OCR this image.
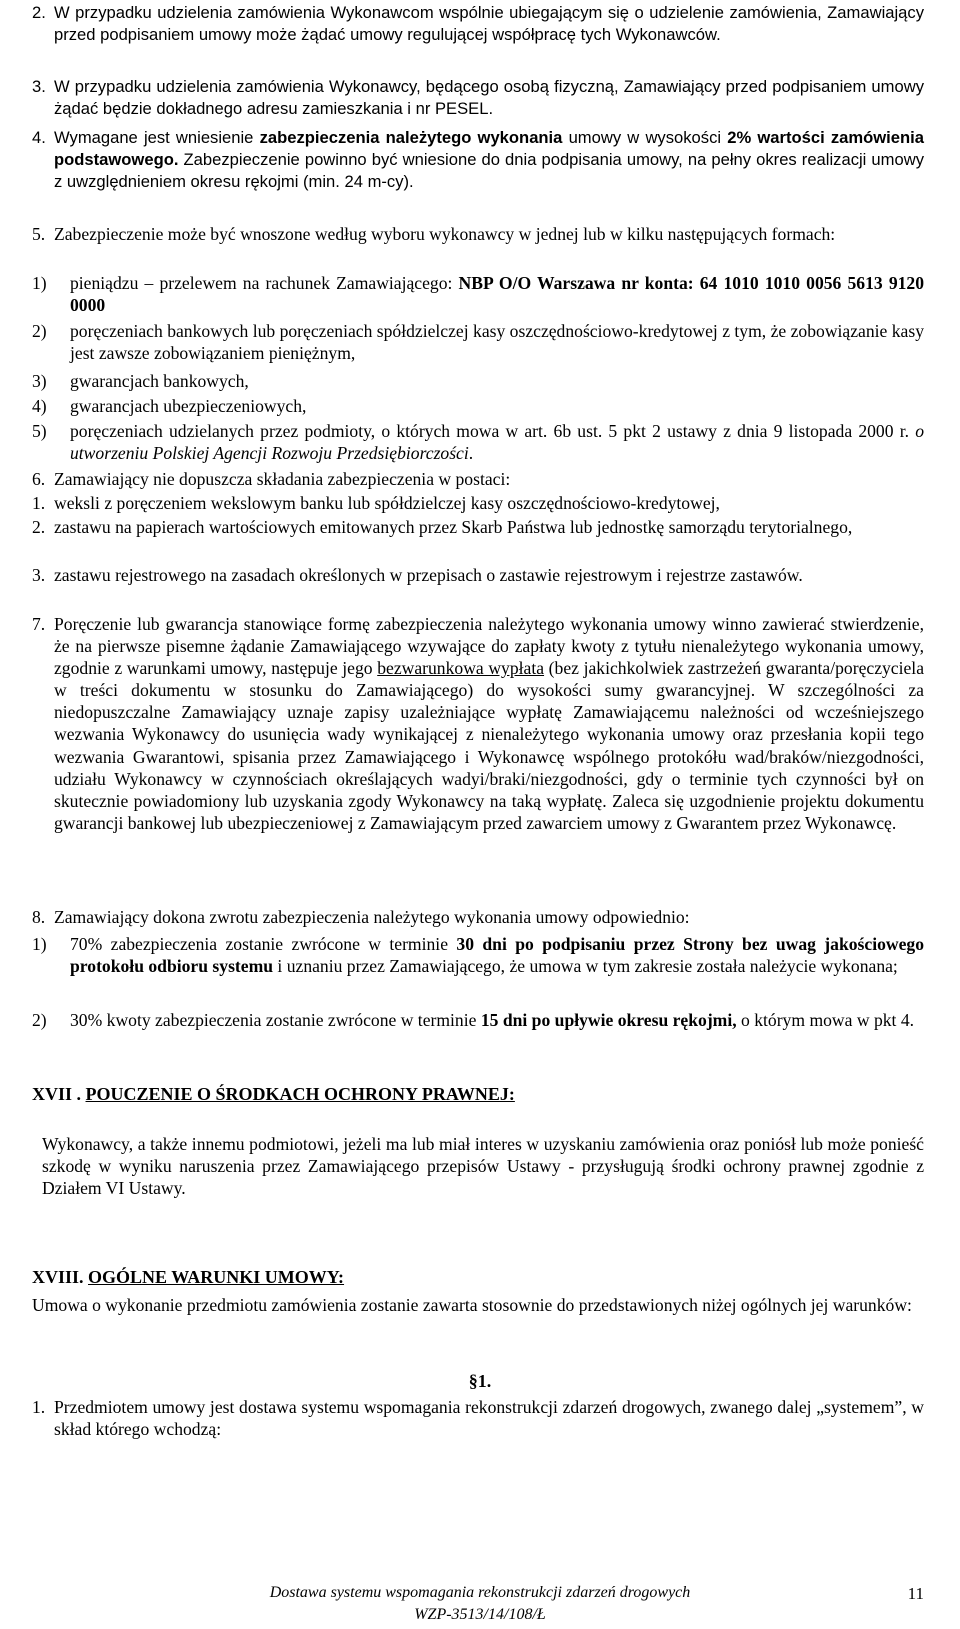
2. W przypadku udzielenia zamówienia Wykonawcom wspólnie ubiegającym się o udzielenie zamówienia, Zamawiający przed podpisaniem umowy może żądać umowy regulującej współpracę tych Wykonawców.
3. W przypadku udzielenia zamówienia Wykonawcy, będącego osobą fizyczną, Zamawiający przed podpisaniem umowy żądać będzie dokładnego adresu zamieszkania i nr PESEL.
4. Wymagane jest wniesienie zabezpieczenia należytego wykonania umowy w wysokości 2% wartości zamówienia podstawowego. Zabezpieczenie powinno być wniesione do dnia podpisania umowy, na pełny okres realizacji umowy z uwzględnieniem okresu rękojmi (min. 24 m-cy).
5. Zabezpieczenie może być wnoszone według wyboru wykonawcy w jednej lub w kilku następujących formach:
1) pieniądzu – przelewem na rachunek Zamawiającego: NBP O/O Warszawa nr konta: 64 1010 1010 0056 5613 9120 0000
2) poręczeniach bankowych lub poręczeniach spółdzielczej kasy oszczędnościowo-kredytowej z tym, że zobowiązanie kasy jest zawsze zobowiązaniem pieniężnym,
3) gwarancjach bankowych,
4) gwarancjach ubezpieczeniowych,
5) poręczeniach udzielanych przez podmioty, o których mowa w art. 6b ust. 5 pkt 2 ustawy z dnia 9 listopada 2000 r. o utworzeniu Polskiej Agencji Rozwoju Przedsiębiorczości.
6. Zamawiający nie dopuszcza składania zabezpieczenia w postaci:
1. weksli z poręczeniem wekslowym banku lub spółdzielczej kasy oszczędnościowo-kredytowej,
2. zastawu na papierach wartościowych emitowanych przez Skarb Państwa lub jednostkę samorządu terytorialnego,
3. zastawu rejestrowego na zasadach określonych w przepisach o zastawie rejestrowym i rejestrze zastawów.
7. Poręczenie lub gwarancja stanowiące formę zabezpieczenia należytego wykonania umowy winno zawierać stwierdzenie, że na pierwsze pisemne żądanie Zamawiającego wzywające do zapłaty kwoty z tytułu nienależytego wykonania umowy, zgodnie z warunkami umowy, następuje jego bezwarunkowa wypłata (bez jakichkolwiek zastrzeżeń gwaranta/poręczyciela w treści dokumentu w stosunku do Zamawiającego) do wysokości sumy gwarancyjnej. W szczególności za niedopuszczalne Zamawiający uznaje zapisy uzależniające wypłatę Zamawiającemu należności od wcześniejszego wezwania Wykonawcy do usunięcia wady wynikającej z nienależytego wykonania umowy oraz przesłania kopii tego wezwania Gwarantowi, spisania przez Zamawiającego i Wykonawcę wspólnego protokółu wad/braków/niezgodności, udziału Wykonawcy w czynnościach określających wadyi/braki/niezgodności, gdy o terminie tych czynności był on skutecznie powiadomiony lub uzyskania zgody Wykonawcy na taką wypłatę. Zaleca się uzgodnienie projektu dokumentu gwarancji bankowej lub ubezpieczeniowej z Zamawiającym przed zawarciem umowy z Gwarantem przez Wykonawcę.
8. Zamawiający dokona zwrotu zabezpieczenia należytego wykonania umowy odpowiednio:
1) 70% zabezpieczenia zostanie zwrócone w terminie 30 dni po podpisaniu przez Strony bez uwag jakościowego protokołu odbioru systemu i uznaniu przez Zamawiającego, że umowa w tym zakresie została należycie wykonana;
2) 30% kwoty zabezpieczenia zostanie zwrócone w terminie 15 dni po upływie okresu rękojmi, o którym mowa w pkt 4.
XVII . POUCZENIE O ŚRODKACH OCHRONY PRAWNEJ:
Wykonawcy, a także innemu podmiotowi, jeżeli ma lub miał interes w uzyskaniu zamówienia oraz poniósł lub może ponieść szkodę w wyniku naruszenia przez Zamawiającego przepisów Ustawy - przysługują środki ochrony prawnej zgodnie z Działem VI Ustawy.
XVIII. OGÓLNE WARUNKI UMOWY:
Umowa o wykonanie przedmiotu zamówienia zostanie zawarta stosownie do przedstawionych niżej ogólnych jej warunków:
§1.
1. Przedmiotem umowy jest dostawa systemu wspomagania rekonstrukcji zdarzeń drogowych, zwanego dalej „systemem”, w skład którego wchodzą:
Dostawa systemu wspomagania rekonstrukcji zdarzeń drogowych
WZP-3513/14/108/Ł
11
